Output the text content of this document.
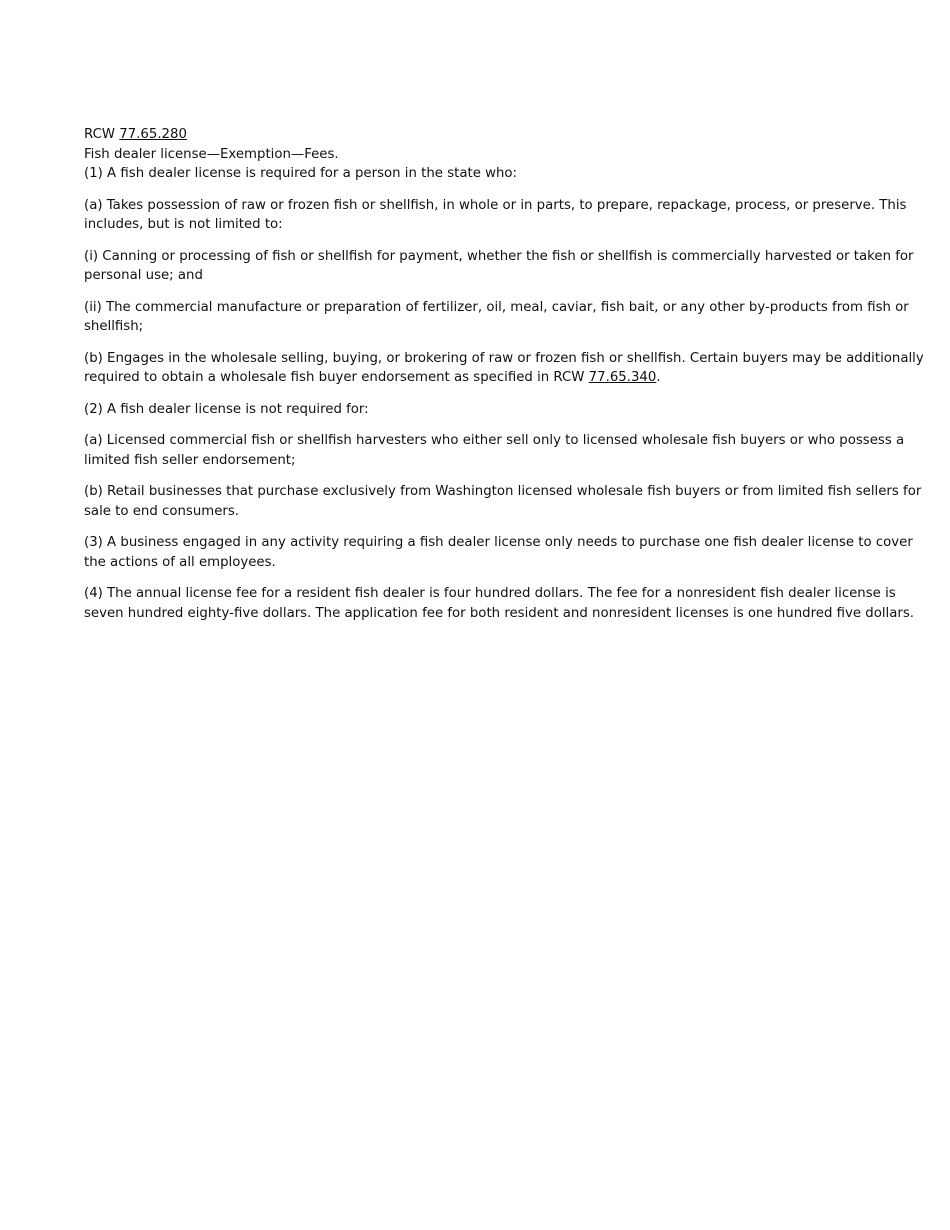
RCW 77.65.280
Fish dealer license—Exemption—Fees.

(1) A fish dealer license is required for a person in the state who:

(a) Takes possession of raw or frozen fish or shellfish, in whole or in parts, to prepare, repackage, process, or preserve. This includes, but is not limited to:

(i) Canning or processing of fish or shellfish for payment, whether the fish or shellfish is commercially harvested or taken for personal use; and

(ii) The commercial manufacture or preparation of fertilizer, oil, meal, caviar, fish bait, or any other by-products from fish or shellfish;

(b) Engages in the wholesale selling, buying, or brokering of raw or frozen fish or shellfish. Certain buyers may be additionally required to obtain a wholesale fish buyer endorsement as specified in RCW 77.65.340.

(2) A fish dealer license is not required for:

(a) Licensed commercial fish or shellfish harvesters who either sell only to licensed wholesale fish buyers or who possess a limited fish seller endorsement;

(b) Retail businesses that purchase exclusively from Washington licensed wholesale fish buyers or from limited fish sellers for sale to end consumers.

(3) A business engaged in any activity requiring a fish dealer license only needs to purchase one fish dealer license to cover the actions of all employees.

(4) The annual license fee for a resident fish dealer is four hundred dollars. The fee for a nonresident fish dealer license is seven hundred eighty-five dollars. The application fee for both resident and nonresident licenses is one hundred five dollars.
